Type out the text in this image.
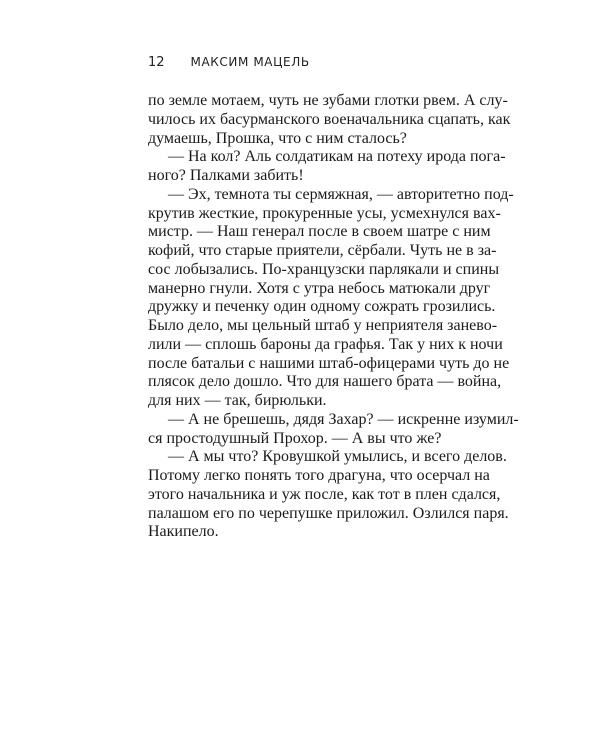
12 МАКСИМ МАЦЕЛЬ

по земле мотаем, чуть не зубами глотки рвем. А слу-

чилось их басурманского военачальника сцапать, как

думаешь, Прошка, что с ним сталось?

— На кол? Аль солдатикам на потеху ирода пога-

ного? Палками забить!

— Эх, темнота ты сермяжная, — авторитетно под-

крутив жесткие, прокуренные усы, усмехнулся вах-

мистр. — Наш генерал после в своем шатре с ним

кофий, что старые приятели, сёрбали. Чуть не в за-

сос лобызались. По-хранцузски парлякали и спины

манерно гнули. Хотя с утра небось матюкали друг

дружку и печенку один одному сожрать грозились.

Было дело, мы цельный штаб у неприятеля занево-

лили — сплошь бароны да графья. Так у них к ночи

после батальи с нашими штаб-офицерами чуть до не

плясок дело дошло. Что для нашего брата — война,

для них — так, бирюльки.

— А не брешешь, дядя Захар? — искренне изумил-

ся простодушный Прохор. — А вы что же?

— А мы что? Кровушкой умылись, и всего делов.

Потому легко понять того драгуна, что осерчал на

этого начальника и уж после, как тот в плен сдался,

палашом его по черепушке приложил. Озлился паря.

Накипело.
